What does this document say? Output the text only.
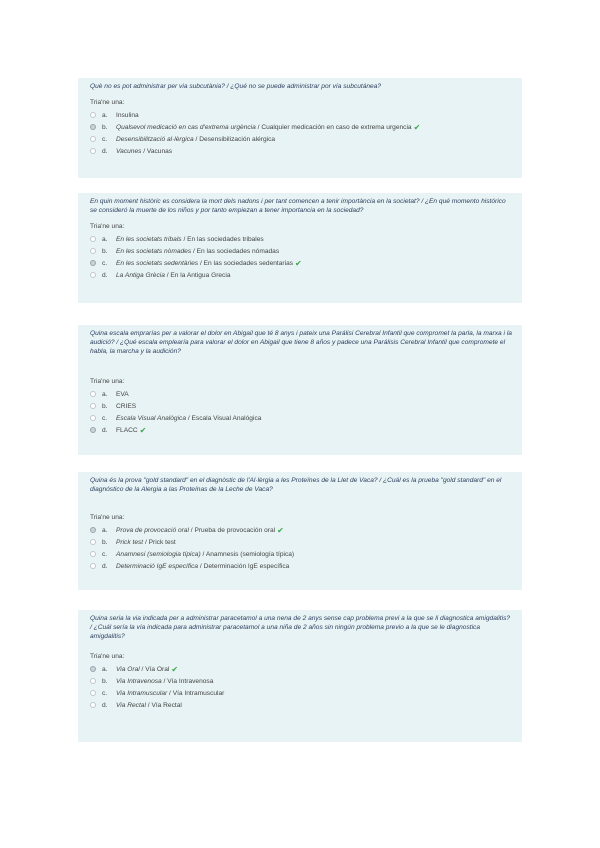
Què no es pot administrar per via subcutània? / ¿Qué no se puede administrar por vía subcutánea?

Tria'ne una:
a.	Insulina
b.	Qualsevol medicació en cas d'extrema urgència / Cualquier medicación en caso de extrema urgencia ✔
c.	Desensibilització al·lèrgica / Desensibilización alérgica
d.	Vacunes / Vacunas

En quin moment històric es considera la mort dels nadons i per tant comencen a tenir importància en la societat? / ¿En qué momento histórico se consideró la muerte de los niños y por tanto empiezan a tener importancia en la sociedad?

Tria'ne una:
a.	En les societats tribals / En las sociedades tribales
b.	En les societats nòmades / En las sociedades nómadas
c.	En les societats sedentàries / En las sociedades sedentarias ✔
d.	La Antiga Grècia / En la Antigua Grecia

Quina escala emprarías per a valorar el dolor en Abigail que té 8 anys i pateix una Parálisi Cerebral Infantil que compromet la parla, la marxa i la audició? / ¿Qué escala emplearía para valorar el dolor en Abigail que tiene 8 años y padece una Parálisis Cerebral Infantil que compromete el habla, la marcha y la audición?

Tria'ne una:
a.	EVA
b.	CRIES
c.	Escala Visual Analògica / Escala Visual Analógica
d.	FLACC ✔

Quina és la prova "gold standard" en el diagnòstic de l'Al·lèrgia a les Proteïnes de la Llet de Vaca? / ¿Cuál es la prueba "gold standard" en el diagnóstico de la Alergia a las Proteínas de la Leche de Vaca?

Tria'ne una:
a.	Prova de provocació oral / Prueba de provocación oral ✔
b.	Prick test / Prick test
c.	Anamnesi (semiologia típica) / Anamnesis (semiología típica)
d.	Determinació IgE específica / Determinación IgE específica

Quina seria la via indicada per a administrar paracetamol a una nena de 2 anys sense cap problema previ a la que se li diagnostica amigdalitis? / ¿Cuál sería la vía indicada para administrar paracetamol a una niña de 2 años sin ningún problema previo a la que se le diagnostica amigdalitis?

Tria'ne una:
a.	Via Oral / Vía Oral ✔
b.	Via Intravenosa / Vía Intravenosa
c.	Via Intramuscular / Vía Intramuscular
d.	Via Rectal / Vía Rectal
